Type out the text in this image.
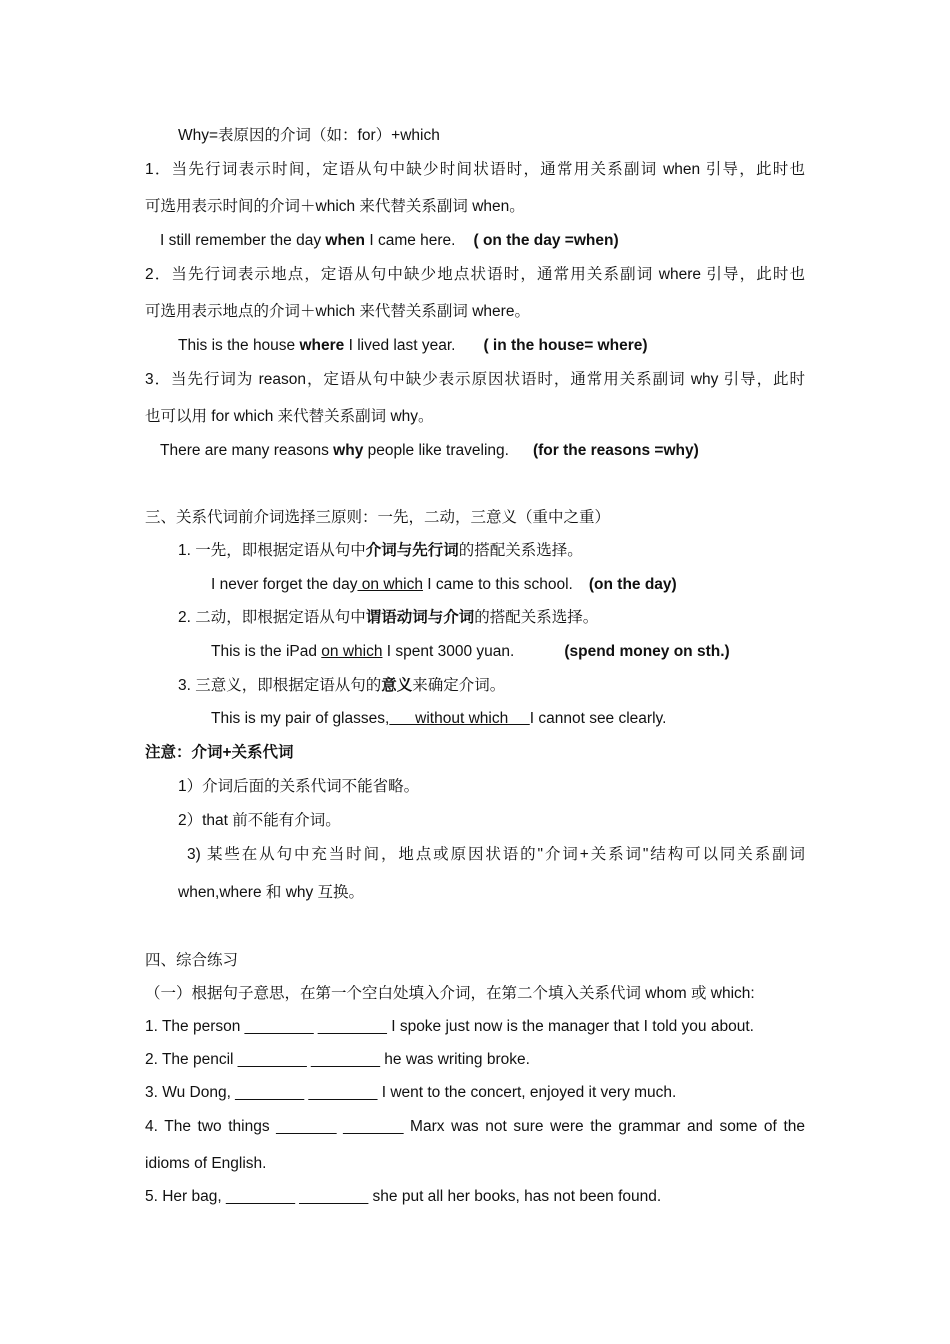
Why=表原因的介词（如：for）+which
1．当先行词表示时间，定语从句中缺少时间状语时，通常用关系副词 when 引导，此时也
可选用表示时间的介词＋which 来代替关系副词 when。
I still remember the day when I came here. ( on the day =when)
2．当先行词表示地点，定语从句中缺少地点状语时，通常用关系副词 where 引导，此时也
可选用表示地点的介词＋which 来代替关系副词 where。
This is the house where I lived last year. ( in the house= where)
3．当先行词为 reason，定语从句中缺少表示原因状语时，通常用关系副词 why 引导，此时
也可以用 for which 来代替关系副词 why。
There are many reasons why people like traveling. (for the reasons =why)
三、关系代词前介词选择三原则：一先，二动，三意义（重中之重）
1. 一先，即根据定语从句中介词与先行词的搭配关系选择。
I never forget the day on which I came to this school. (on the day)
2. 二动，即根据定语从句中谓语动词与介词的搭配关系选择。
This is the iPad on which I spent 3000 yuan.	(spend money on sth.)
3. 三意义，即根据定语从句的意义来确定介词。
This is my pair of glasses,      without which     I cannot see clearly.
注意：介词+关系代词
1）介词后面的关系代词不能省略。
2）that 前不能有介词。
3) 某些在从句中充当时间，地点或原因状语的"介词+关系词"结构可以同关系副词
when,where 和 why 互换。
四、综合练习
（一）根据句子意思，在第一个空白处填入介词，在第二个填入关系代词 whom 或 which:
1. The person ________ ________ I spoke just now is the manager that I told you about.
2. The pencil ________ ________ he was writing broke.
3. Wu Dong, ________ ________ I went to the concert, enjoyed it very much.
4. The two things _______ _______ Marx was not sure were the grammar and some of the
idioms of English.
5. Her bag, ________ ________ she put all her books, has not been found.
